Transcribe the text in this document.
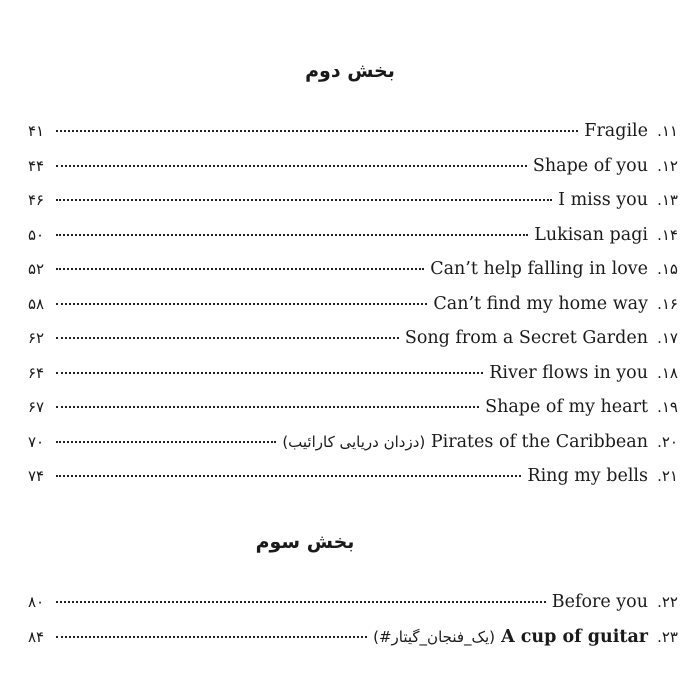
بخش دوم
۴۱	Fragile ۱۱.
۴۴	Shape of you ۱۲.
۴۶	I miss you ۱۳.
۵۰	Lukisan pagi ۱۴.
۵۲	Can’t help falling in love ۱۵.
۵۸	Can’t find my home way ۱۶.
۶۲	Song from a Secret Garden ۱۷.
۶۴	River flows in you ۱۸.
۶۷	Shape of my heart ۱۹.
۷۰	(دزدان دریایی کارائیب) Pirates of the Caribbean ۲۰.
۷۴	Ring my bells ۲۱.
بخش سوم
۸۰	Before you ۲۲.
۸۴	(#یک_فنجان_گیتار) A cup of guitar ۲۳.
